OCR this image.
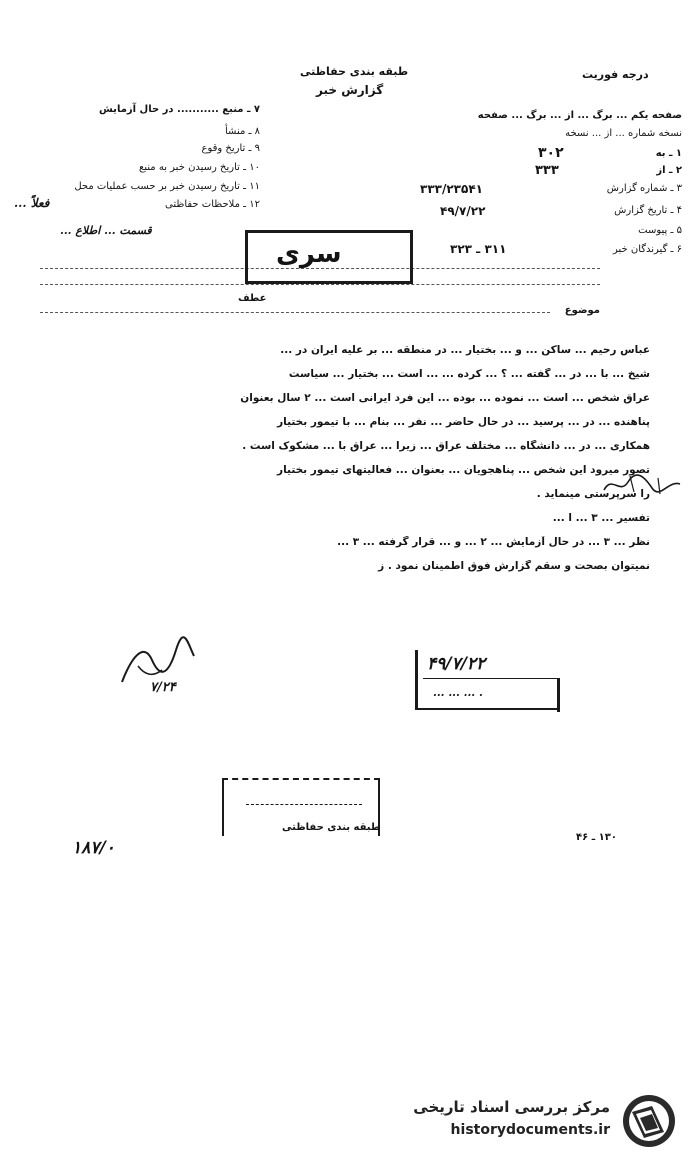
طبقه بندی حفاظتی
گزارش خبر
درجه فوریت
۷ ـ منبع ........... در حال آزمایش
۸ ـ منشأ
۹ ـ تاریخ وقوع
۱۰ ـ تاریخ رسیدن خبر به منبع
۱۱ ـ تاریخ رسیدن خبر بر حسب عملیات محل
۱۲ ـ ملاحظات حفاظتی
فعلاً ...
قسمت ... اطلاع ...
صفحه یکم ... برگ ... از ... برگ ... صفحه
نسخه شماره ... از ... نسخه
۱ ـ به
۲ ـ از
۳ ـ شماره گزارش
۴ ـ تاریخ گزارش
۵ ـ پیوست
۶ ـ گیرندگان خبر
۳۰۲
۳۳۳
۳۳۳/۲۳۵۴۱
۴۹/۷/۲۲
۳۱۱ ـ ۳۲۳
سری
موضوع
عطف
عباس رحیم ... ساکن ... و ... بختیار ... در منطقه ... بر علیه ایران در ...
شیخ ... با ... در ... گفته ... ؟ ... کرده ... ... است ... بختیار ... سیاست
عراق شخص ... است ... نموده ... بوده ... این فرد ایرانی است ... ۲ سال بعنوان
پناهنده ... در ... پرسید ... در حال حاضر ... نفر ... بنام ... با تیمور بختیار
همکاری ... در ... دانشگاه ... مختلف عراق ... زیرا ... عراق با ... مشکوک است .
تصور میرود این شخص ... پناهجویان ... بعنوان ... فعالیتهای تیمور بختیار
را سرپرستی مینماید .
تفسیر ... ۳ ... ا ...
نظر ... ۳ ... در حال آزمایش ... ۲ ... و ... قرار گرفته ... ۳ ...
نمیتوان بصحت و سقم گزارش فوق اطمینان نمود . ز
۷/۲۴
۴۹/۷/۲۲
... ... ... .
طبقه بندی حفاظتی
۱۸۷/۰
۱۳۰ ـ ۴۶
مرکز بررسی اسناد تاریخی
historydocuments.ir
